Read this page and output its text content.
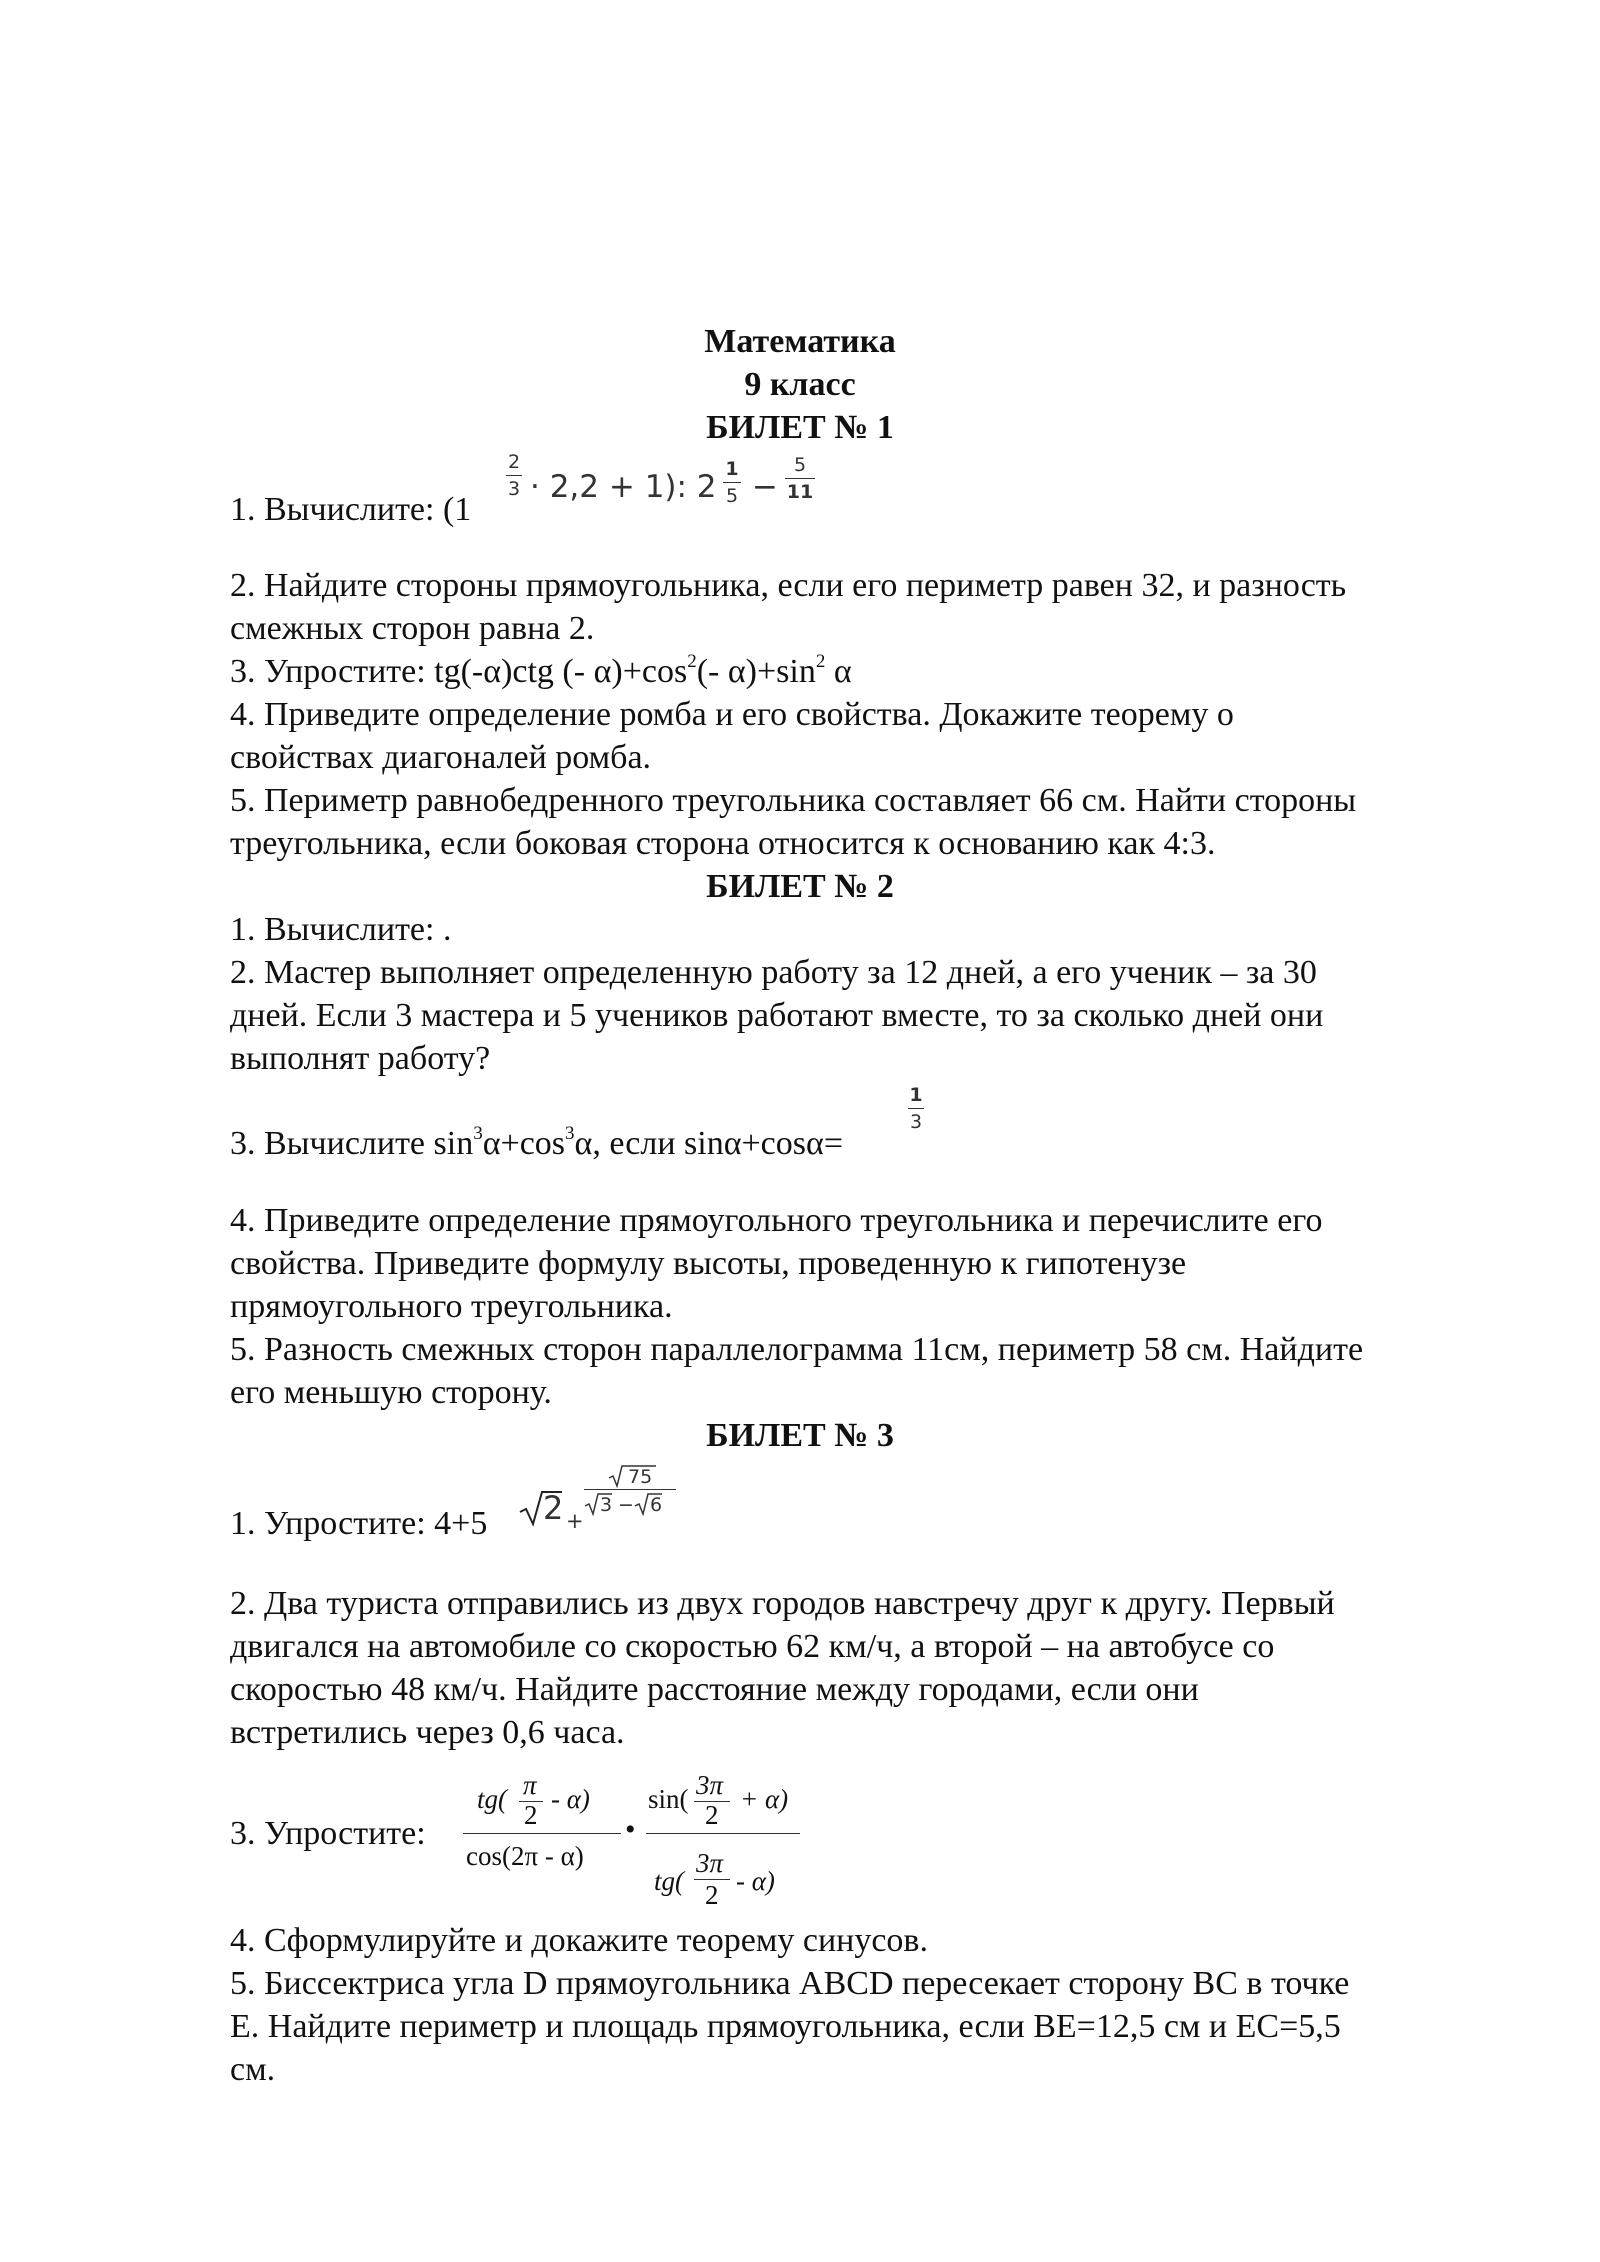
Математика
9 класс
БИЛЕТ № 1
1. Вычислите: (1
2
3 · 2,2 + 1): 2 1
5 −
5
11
2. Найдите стороны прямоугольника, если его периметр равен 32, и разность
смежных сторон равна 2.
3. Упростите: tg(-α)ctg (- $\alpha)+\cos^2(-$ $\alpha)+\sin^2$ α
4. Приведите определение ромба и его свойства. Докажите теорему о
свойствах диагоналей ромба.
5. Периметр равнобедренного треугольника составляет 66 см. Найти стороны
треугольника, если боковая сторона относится к основанию как 4:3.
БИЛЕТ № 2
1. Вычислите: .
2. Мастер выполняет определенную работу за 12 дней, а его ученик – за 30
дней. Если 3 мастера и 5 учеников работают вместе, то за сколько дней они
выполнят работу?
3. Вычислите $\sin^3\alpha+\cos^3\alpha$, если sinα+cosα=
1
3
4. Приведите определение прямоугольного треугольника и перечислите его
свойства. Приведите формулу высоты, проведенную к гипотенузе
прямоугольного треугольника.
5. Разность смежных сторон параллелограмма 11см, периметр 58 см. Найдите
его меньшую сторону.
БИЛЕТ № 3
1. Упростите: 4+5 2 +
75
3 − 6
2. Два туриста отправились из двух городов навстречу друг к другу. Первый
двигался на автомобиле со скоростью 62 км/ч, а второй – на автобусе со
скоростью 48 км/ч. Найдите расстояние между городами, если они
встретились через 0,6 часа.
3. Упростите:
tg( π
2
- α)
cos(2π - α)
•
sin( 3π
2
+ α)
tg(
3π
2 - α)
4. Сформулируйте и докажите теорему синусов.
5. Биссектриса угла D прямоугольника ABCD пересекает сторону BC в точке
E. Найдите периметр и площадь прямоугольника, если BE=12,5 см и EC=5,5
см.
